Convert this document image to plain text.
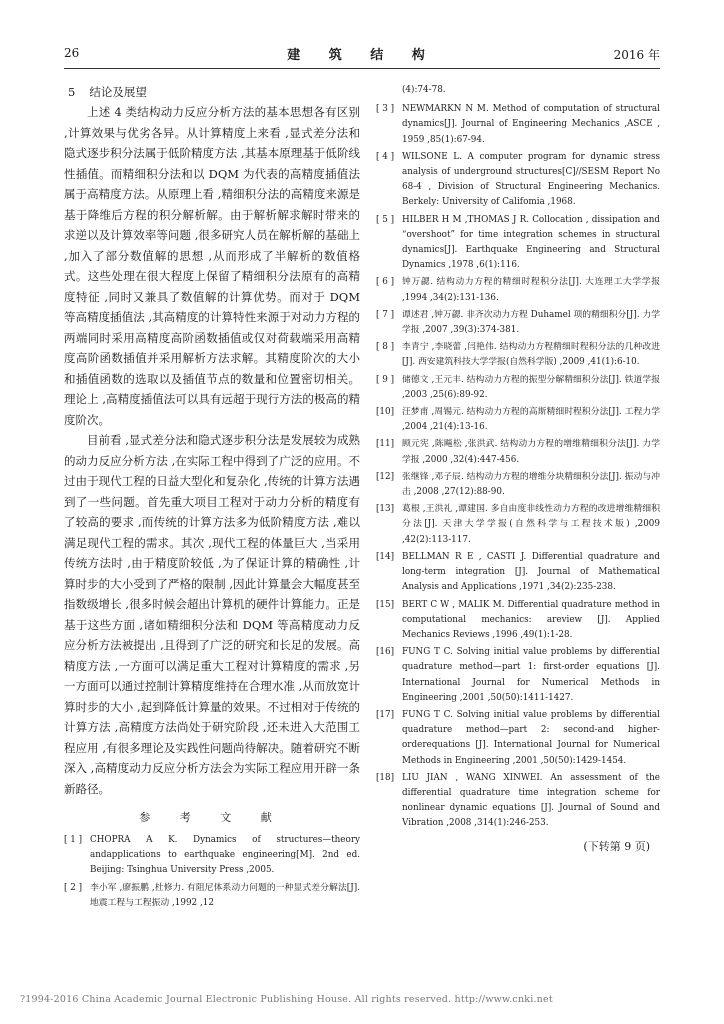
26	建 筑 结 构	2016 年
5 结论及展望

上述 4 类结构动力反应分析方法的基本思想各有区别 ,计算效果与优劣各异。从计算精度上来看 ,显式差分法和隐式逐步积分法属于低阶精度方法 ,其基本原理基于低阶线性插值。而精细积分法和以 DQM 为代表的高精度插值法属于高精度方法。从原理上看 ,精细积分法的高精度来源是基于降维后方程的积分解析解。由于解析解求解时带来的求逆以及计算效率等问题 ,很多研究人员在解析解的基础上 ,加入了部分数值解的思想 ,从而形成了半解析的数值格式。这些处理在很大程度上保留了精细积分法原有的高精度特征 ,同时又兼具了数值解的计算优势。而对于 DQM 等高精度插值法 ,其高精度的计算特性来源于对动力方程的两端同时采用高精度高阶函数插值或仅对荷载端采用高精度高阶函数插值并采用解析方法求解。其精度阶次的大小和插值函数的选取以及插值节点的数量和位置密切相关。理论上 ,高精度插值法可以具有远超于现行方法的极高的精度阶次。

目前看 ,显式差分法和隐式逐步积分法是发展较为成熟的动力反应分析方法 ,在实际工程中得到了广泛的应用。不过由于现代工程的日益大型化和复杂化 ,传统的计算方法遇到了一些问题。首先重大项目工程对于动力分析的精度有了较高的要求 ,而传统的计算方法多为低阶精度方法 ,难以满足现代工程的需求。其次 ,现代工程的体量巨大 ,当采用传统方法时 ,由于精度阶较低 ,为了保证计算的精确性 ,计算时步的大小受到了严格的限制 ,因此计算量会大幅度甚至指数级增长 ,很多时候会超出计算机的硬件计算能力。正是基于这些方面 ,诸如精细积分法和 DQM 等高精度动力反应分析方法被提出 ,且得到了广泛的研究和长足的发展。高精度方法 ,一方面可以满足重大工程对计算精度的需求 ,另一方面可以通过控制计算精度维持在合理水准 ,从而放宽计算时步的大小 ,起到降低计算量的效果。不过相对于传统的计算方法 ,高精度方法尚处于研究阶段 ,还未进入大范围工程应用 ,有很多理论及实践性问题尚待解决。随着研究不断深入 ,高精度动力反应分析方法会为实际工程应用开辟一条新路径。

参 考 文 献
[ 1 ] CHOPRA A K. Dynamics of structures—theory andapplications to earthquake engineering[M]. 2nd ed. Beijing: Tsinghua University Press ,2005.
[ 2 ] 李小军 ,廖振鹏 ,杜修力. 有阻尼体系动力问题的一种显式差分解法[J]. 地震工程与工程振动 ,1992 ,12
(4):74-78.
[ 3 ] NEWMARKN N M. Method of computation of structural dynamics[J]. Journal of Engineering Mechanics ,ASCE , 1959 ,85(1):67-94.
[ 4 ] WILSONE L. A computer program for dynamic stress analysis of underground structures[C]//SESM Report No 68-4 , Division of Structural Engineering Mechanics. Berkely: University of Califomia ,1968.
[ 5 ] HILBER H M ,THOMAS J R. Collocation , dissipation and “overshoot” for time integration schemes in structural dynamics[J]. Earthquake Engineering and Structural Dynamics ,1978 ,6(1):116.
[ 6 ] 钟万勰. 结构动力方程的精细时程积分法[J]. 大连理工大学学报 ,1994 ,34(2):131-136.
[ 7 ] 谭述君 ,钟万勰. 非齐次动力方程 Duhamel 项的精细积分[J]. 力学学报 ,2007 ,39(3):374-381.
[ 8 ] 李青宁 ,李晓蕾 ,闫艳伟. 结构动力方程精细时程积分法的几种改进[J]. 西安建筑科技大学学报(自然科学版) ,2009 ,41(1):6-10.
[ 9 ] 储德文 ,王元丰. 结构动力方程的振型分解精细积分法[J]. 铁道学报 ,2003 ,25(6):89-92.
[10] 汪梦甫 ,周锡元. 结构动力方程的高斯精细时程积分法[J]. 工程力学 ,2004 ,21(4):13-16.
[11] 顾元宪 ,陈飚松 ,张洪武. 结构动力方程的增维精细积分法[J]. 力学学报 ,2000 ,32(4):447-456.
[12] 张继锋 ,邓子辰. 结构动力方程的增维分块精细积分法[J]. 振动与冲击 ,2008 ,27(12):88-90.
[13] 葛根 ,王洪礼 ,谭建国. 多自由度非线性动力方程的改进增维精细积分法[J]. 天津大学学报(自然科学与工程技术版) ,2009 ,42(2):113-117.
[14] BELLMAN R E , CASTI J. Differential quadrature and long-term integration [J]. Journal of Mathematical Analysis and Applications ,1971 ,34(2):235-238.
[15] BERT C W , MALIK M. Differential quadrature method in computational mechanics: areview [J]. Applied Mechanics Reviews ,1996 ,49(1):1-28.
[16] FUNG T C. Solving initial value problems by differential quadrature method—part 1: first-order equations [J]. International Journal for Numerical Methods in Engineering ,2001 ,50(50):1411-1427.
[17] FUNG T C. Solving initial value problems by differential quadrature method—part 2: second-and higher-orderequations [J]. International Journal for Numerical Methods in Engineering ,2001 ,50(50):1429-1454.
[18] LIU JIAN , WANG XINWEI. An assessment of the differential quadrature time integration scheme for nonlinear dynamic equations [J]. Journal of Sound and Vibration ,2008 ,314(1):246-253.
(下转第 9 页)
?1994-2016 China Academic Journal Electronic Publishing House. All rights reserved. http://www.cnki.net
